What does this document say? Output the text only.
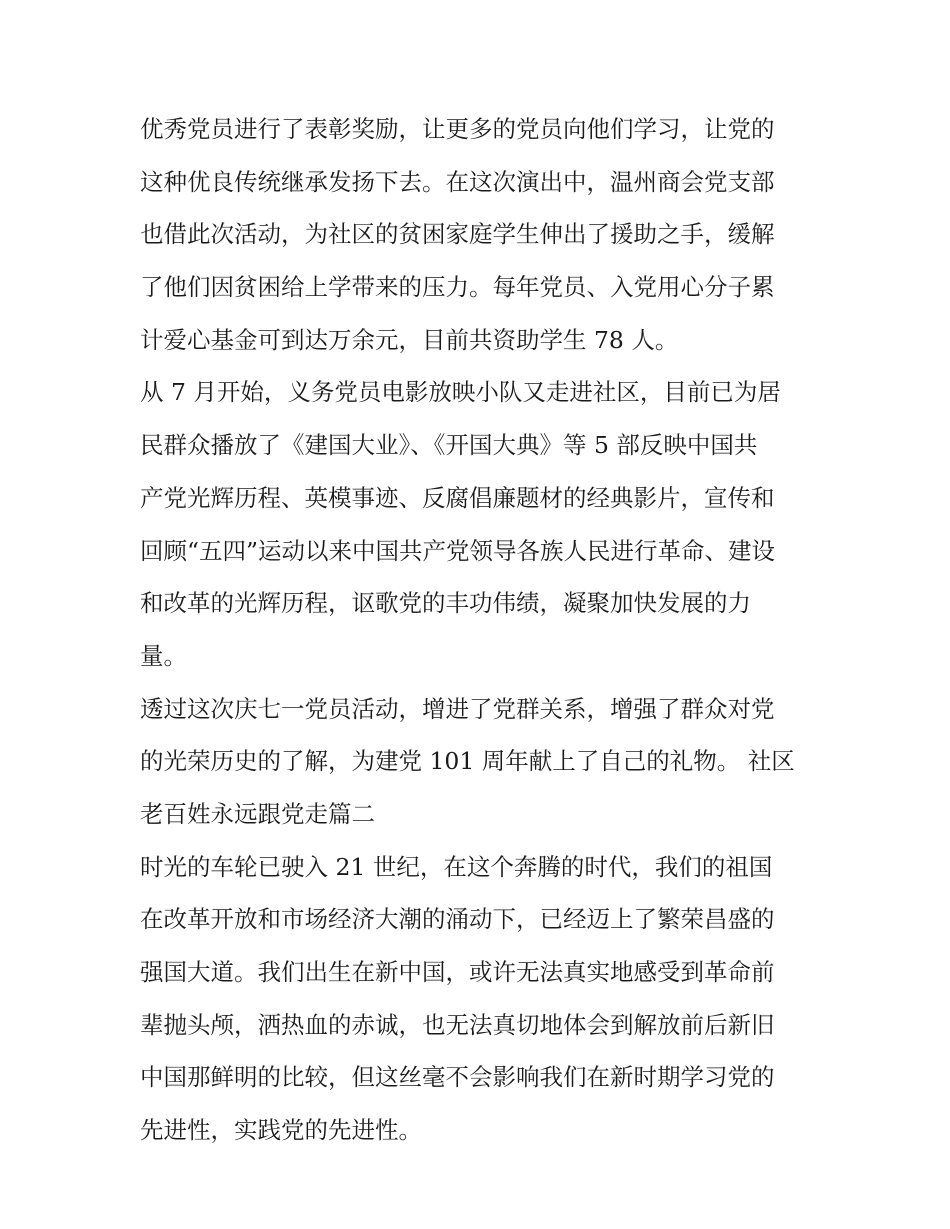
优秀党员进行了表彰奖励，让更多的党员向他们学习，让党的
这种优良传统继承发扬下去。在这次演出中，温州商会党支部
也借此次活动，为社区的贫困家庭学生伸出了援助之手，缓解
了他们因贫困给上学带来的压力。每年党员、入党用心分子累
计爱心基金可到达万余元，目前共资助学生 78 人。
从 7 月开始，义务党员电影放映小队又走进社区，目前已为居
民群众播放了《建国大业》、《开国大典》等 5 部反映中国共
产党光辉历程、英模事迹、反腐倡廉题材的经典影片，宣传和
回顾“五四”运动以来中国共产党领导各族人民进行革命、建设
和改革的光辉历程，讴歌党的丰功伟绩，凝聚加快发展的力
量。
透过这次庆七一党员活动，增进了党群关系，增强了群众对党
的光荣历史的了解，为建党 101 周年献上了自己的礼物。 社区
老百姓永远跟党走篇二
时光的车轮已驶入 21 世纪，在这个奔腾的时代，我们的祖国
在改革开放和市场经济大潮的涌动下，已经迈上了繁荣昌盛的
强国大道。我们出生在新中国，或许无法真实地感受到革命前
辈抛头颅，洒热血的赤诚，也无法真切地体会到解放前后新旧
中国那鲜明的比较，但这丝毫不会影响我们在新时期学习党的
先进性，实践党的先进性。
